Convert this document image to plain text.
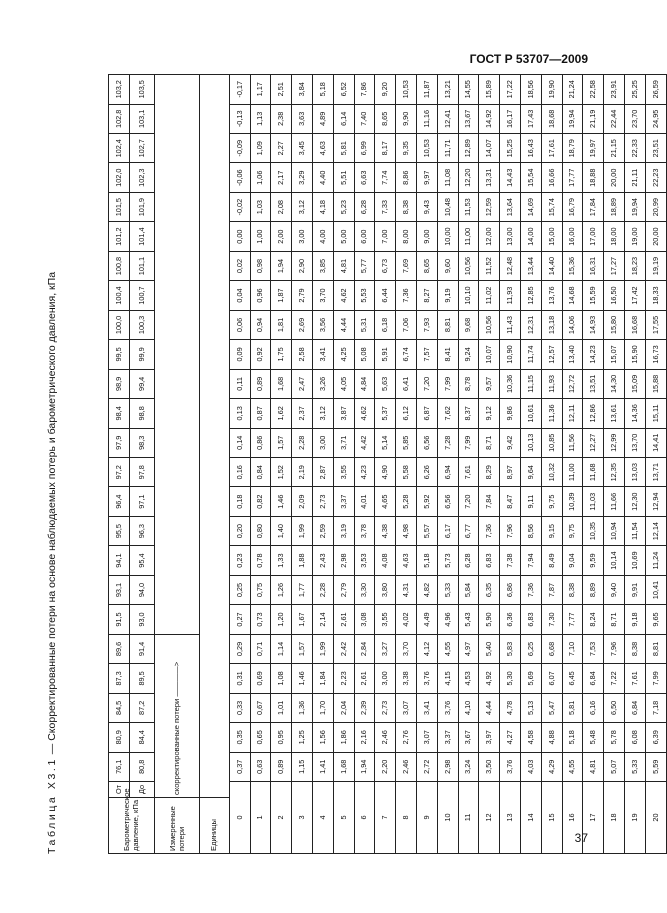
ГОСТ Р 53707—2009
Таблица Х3.1 — Скорректированные потери на основе наблюдаемых потерь и барометрического давления, кПа
Барометрическое давление, кПа	От	76,1	80,9	84,5	87,3	89,6	91,5	93,1	94,1	95,5	96,4	97,2	97,9	98,4	98,9	99,5	100,0	100,4	100,8	101,2	101,5	102,0	102,4	102,8	103,2
	До	80,8	84,4	87,2	89,5	91,4	93,0	94,0	95,4	96,3	97,1	97,8	98,3	98,8	99,4	99,9	100,3	100,7	101,1	101,4	101,9	102,3	102,7	103,1	103,5
Измеренные потери	скорректированные потери ————>																								
Единицы																									
0		0,37	0,35	0,33	0,31	0,29	0,27	0,25	0,23	0,20	0,18	0,16	0,14	0,13	0,11	0,09	0,06	0,04	0,02	0,00	-0,02	-0,06	-0,09	-0,13	-0,17
1		0,63	0,65	0,67	0,69	0,71	0,73	0,75	0,78	0,80	0,82	0,84	0,86	0,87	0,89	0,92	0,94	0,96	0,98	1,00	1,03	1,06	1,09	1,13	1,17
2		0,89	0,95	1,01	1,08	1,14	1,20	1,26	1,33	1,40	1,46	1,52	1,57	1,62	1,68	1,75	1,81	1,87	1,94	2,00	2,08	2,17	2,27	2,38	2,51
3		1,15	1,25	1,36	1,46	1,57	1,67	1,77	1,88	1,99	2,09	2,19	2,28	2,37	2,47	2,58	2,69	2,79	2,90	3,00	3,12	3,29	3,45	3,63	3,84
4		1,41	1,56	1,70	1,84	1,99	2,14	2,28	2,43	2,59	2,73	2,87	3,00	3,12	3,26	3,41	3,56	3,70	3,85	4,00	4,18	4,40	4,63	4,89	5,18
5		1,68	1,86	2,04	2,23	2,42	2,61	2,79	2,98	3,19	3,37	3,55	3,71	3,87	4,05	4,25	4,44	4,62	4,81	5,00	5,23	5,51	5,81	6,14	6,52
6		1,94	2,16	2,39	2,61	2,84	3,08	3,30	3,53	3,78	4,01	4,23	4,42	4,62	4,84	5,08	5,31	5,53	5,77	6,00	6,28	6,63	6,99	7,40	7,86
7		2,20	2,46	2,73	3,00	3,27	3,55	3,80	4,08	4,38	4,65	4,90	5,14	5,37	5,63	5,91	6,18	6,44	6,73	7,00	7,33	7,74	8,17	8,65	9,20
8		2,46	2,76	3,07	3,38	3,70	4,02	4,31	4,63	4,98	5,28	5,58	5,85	6,12	6,41	6,74	7,06	7,36	7,69	8,00	8,38	8,86	9,35	9,90	10,53
9		2,72	3,07	3,41	3,76	4,12	4,49	4,82	5,18	5,57	5,92	6,26	6,56	6,87	7,20	7,57	7,93	8,27	8,65	9,00	9,43	9,97	10,53	11,16	11,87
10		2,98	3,37	3,76	4,15	4,55	4,96	5,33	5,73	6,17	6,56	6,94	7,28	7,62	7,99	8,41	8,81	9,19	9,60	10,00	10,48	11,08	11,71	12,41	13,21
11		3,24	3,67	4,10	4,53	4,97	5,43	5,84	6,28	6,77	7,20	7,61	7,99	8,37	8,78	9,24	9,68	10,10	10,56	11,00	11,53	12,20	12,89	13,67	14,55
12		3,50	3,97	4,44	4,92	5,40	5,90	6,35	6,83	7,36	7,84	8,29	8,71	9,12	9,57	10,07	10,56	11,02	11,52	12,00	12,59	13,31	14,07	14,92	15,89
13		3,76	4,27	4,78	5,30	5,83	6,36	6,86	7,38	7,96	8,47	8,97	9,42	9,86	10,36	10,90	11,43	11,93	12,48	13,00	13,64	14,43	15,25	16,17	17,22
14		4,03	4,58	5,13	5,69	6,25	6,83	7,36	7,94	8,56	9,11	9,64	10,13	10,61	11,15	11,74	12,31	12,85	13,44	14,00	14,69	15,54	16,43	17,43	18,56
15		4,29	4,88	5,47	6,07	6,68	7,30	7,87	8,49	9,15	9,75	10,32	10,85	11,36	11,93	12,57	13,18	13,76	14,40	15,00	15,74	16,66	17,61	18,68	19,90
16		4,55	5,18	5,81	6,45	7,10	7,77	8,38	9,04	9,75	10,39	11,00	11,56	12,11	12,72	13,40	14,06	14,68	15,36	16,00	16,79	17,77	18,79	19,94	21,24
17		4,81	5,48	6,16	6,84	7,53	8,24	8,89	9,59	10,35	11,03	11,68	12,27	12,86	13,51	14,23	14,93	15,59	16,31	17,00	17,84	18,88	19,97	21,19	22,58
18		5,07	5,78	6,50	7,22	7,96	8,71	9,40	10,14	10,94	11,66	12,35	12,99	13,61	14,30	15,07	15,80	16,50	17,27	18,00	18,89	20,00	21,15	22,44	23,91
19		5,33	6,08	6,84	7,61	8,38	9,18	9,91	10,69	11,54	12,30	13,03	13,70	14,36	15,09	15,90	16,68	17,42	18,23	19,00	19,94	21,11	22,33	23,70	25,25
20		5,59	6,39	7,18	7,99	8,81	9,65	10,41	11,24	12,14	12,94	13,71	14,41	15,11	15,88	16,73	17,55	18,33	19,19	20,00	20,99	22,23	23,51	24,95	26,59
37
